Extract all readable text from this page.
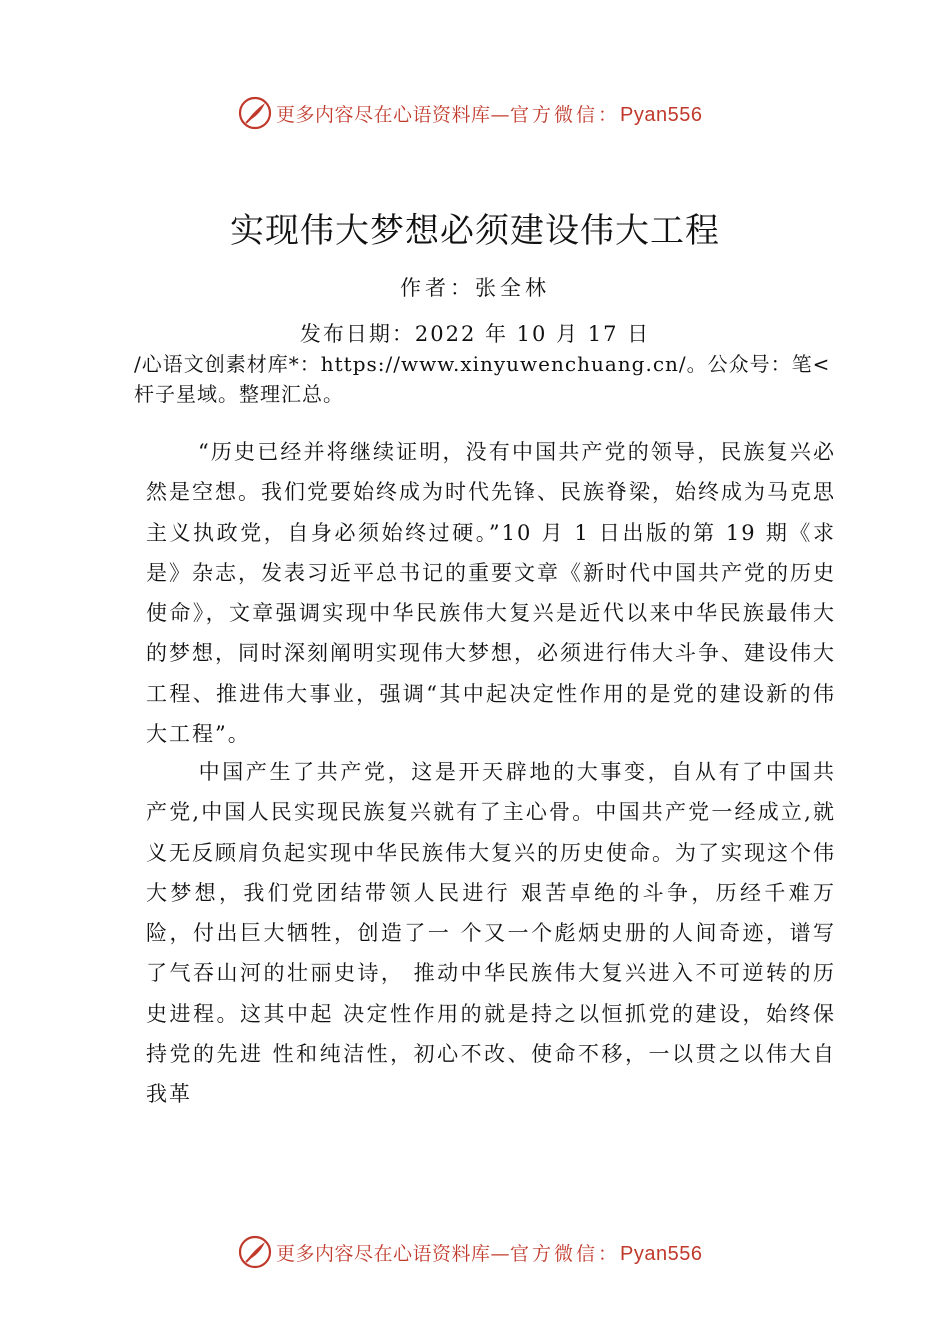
更多内容尽在心语资料库—官方微信：Pyan556
实现伟大梦想必须建设伟大工程
作者：张全林
发布日期：2022 年 10 月 17 日
/心语文创素材库*：https://www.xinyuwenchuang.cn/。公众号：笔<杆子星域。整理汇总。
“历史已经并将继续证明，没有中国共产党的领导，民族复兴必然是空想。我们党要始终成为时代先锋、民族脊梁，始终成为马克思主义执政党，自身必须始终过硬。”10 月 1 日出版的第 19 期《求是》杂志，发表习近平总书记的重要文章《新时代中国共产党的历史使命》，文章强调实现中华民族伟大复兴是近代以来中华民族最伟大的梦想，同时深刻阐明实现伟大梦想，必须进行伟大斗争、建设伟大工程、推进伟大事业，强调“其中起决定性作用的是党的建设新的伟大工程”。
中国产生了共产党，这是开天辟地的大事变，自从有了中国共产党,中国人民实现民族复兴就有了主心骨。中国共产党一经成立,就义无反顾肩负起实现中华民族伟大复兴的历史使命。为了实现这个伟大梦想，我们党团结带领人民进行 艰苦卓绝的斗争，历经千难万险，付出巨大牺牲，创造了一 个又一个彪炳史册的人间奇迹，谱写了气吞山河的壮丽史诗， 推动中华民族伟大复兴进入不可逆转的历史进程。这其中起 决定性作用的就是持之以恒抓党的建设，始终保持党的先进 性和纯洁性，初心不改、使命不移，一以贯之以伟大自我革
更多内容尽在心语资料库—官方微信：Pyan556
